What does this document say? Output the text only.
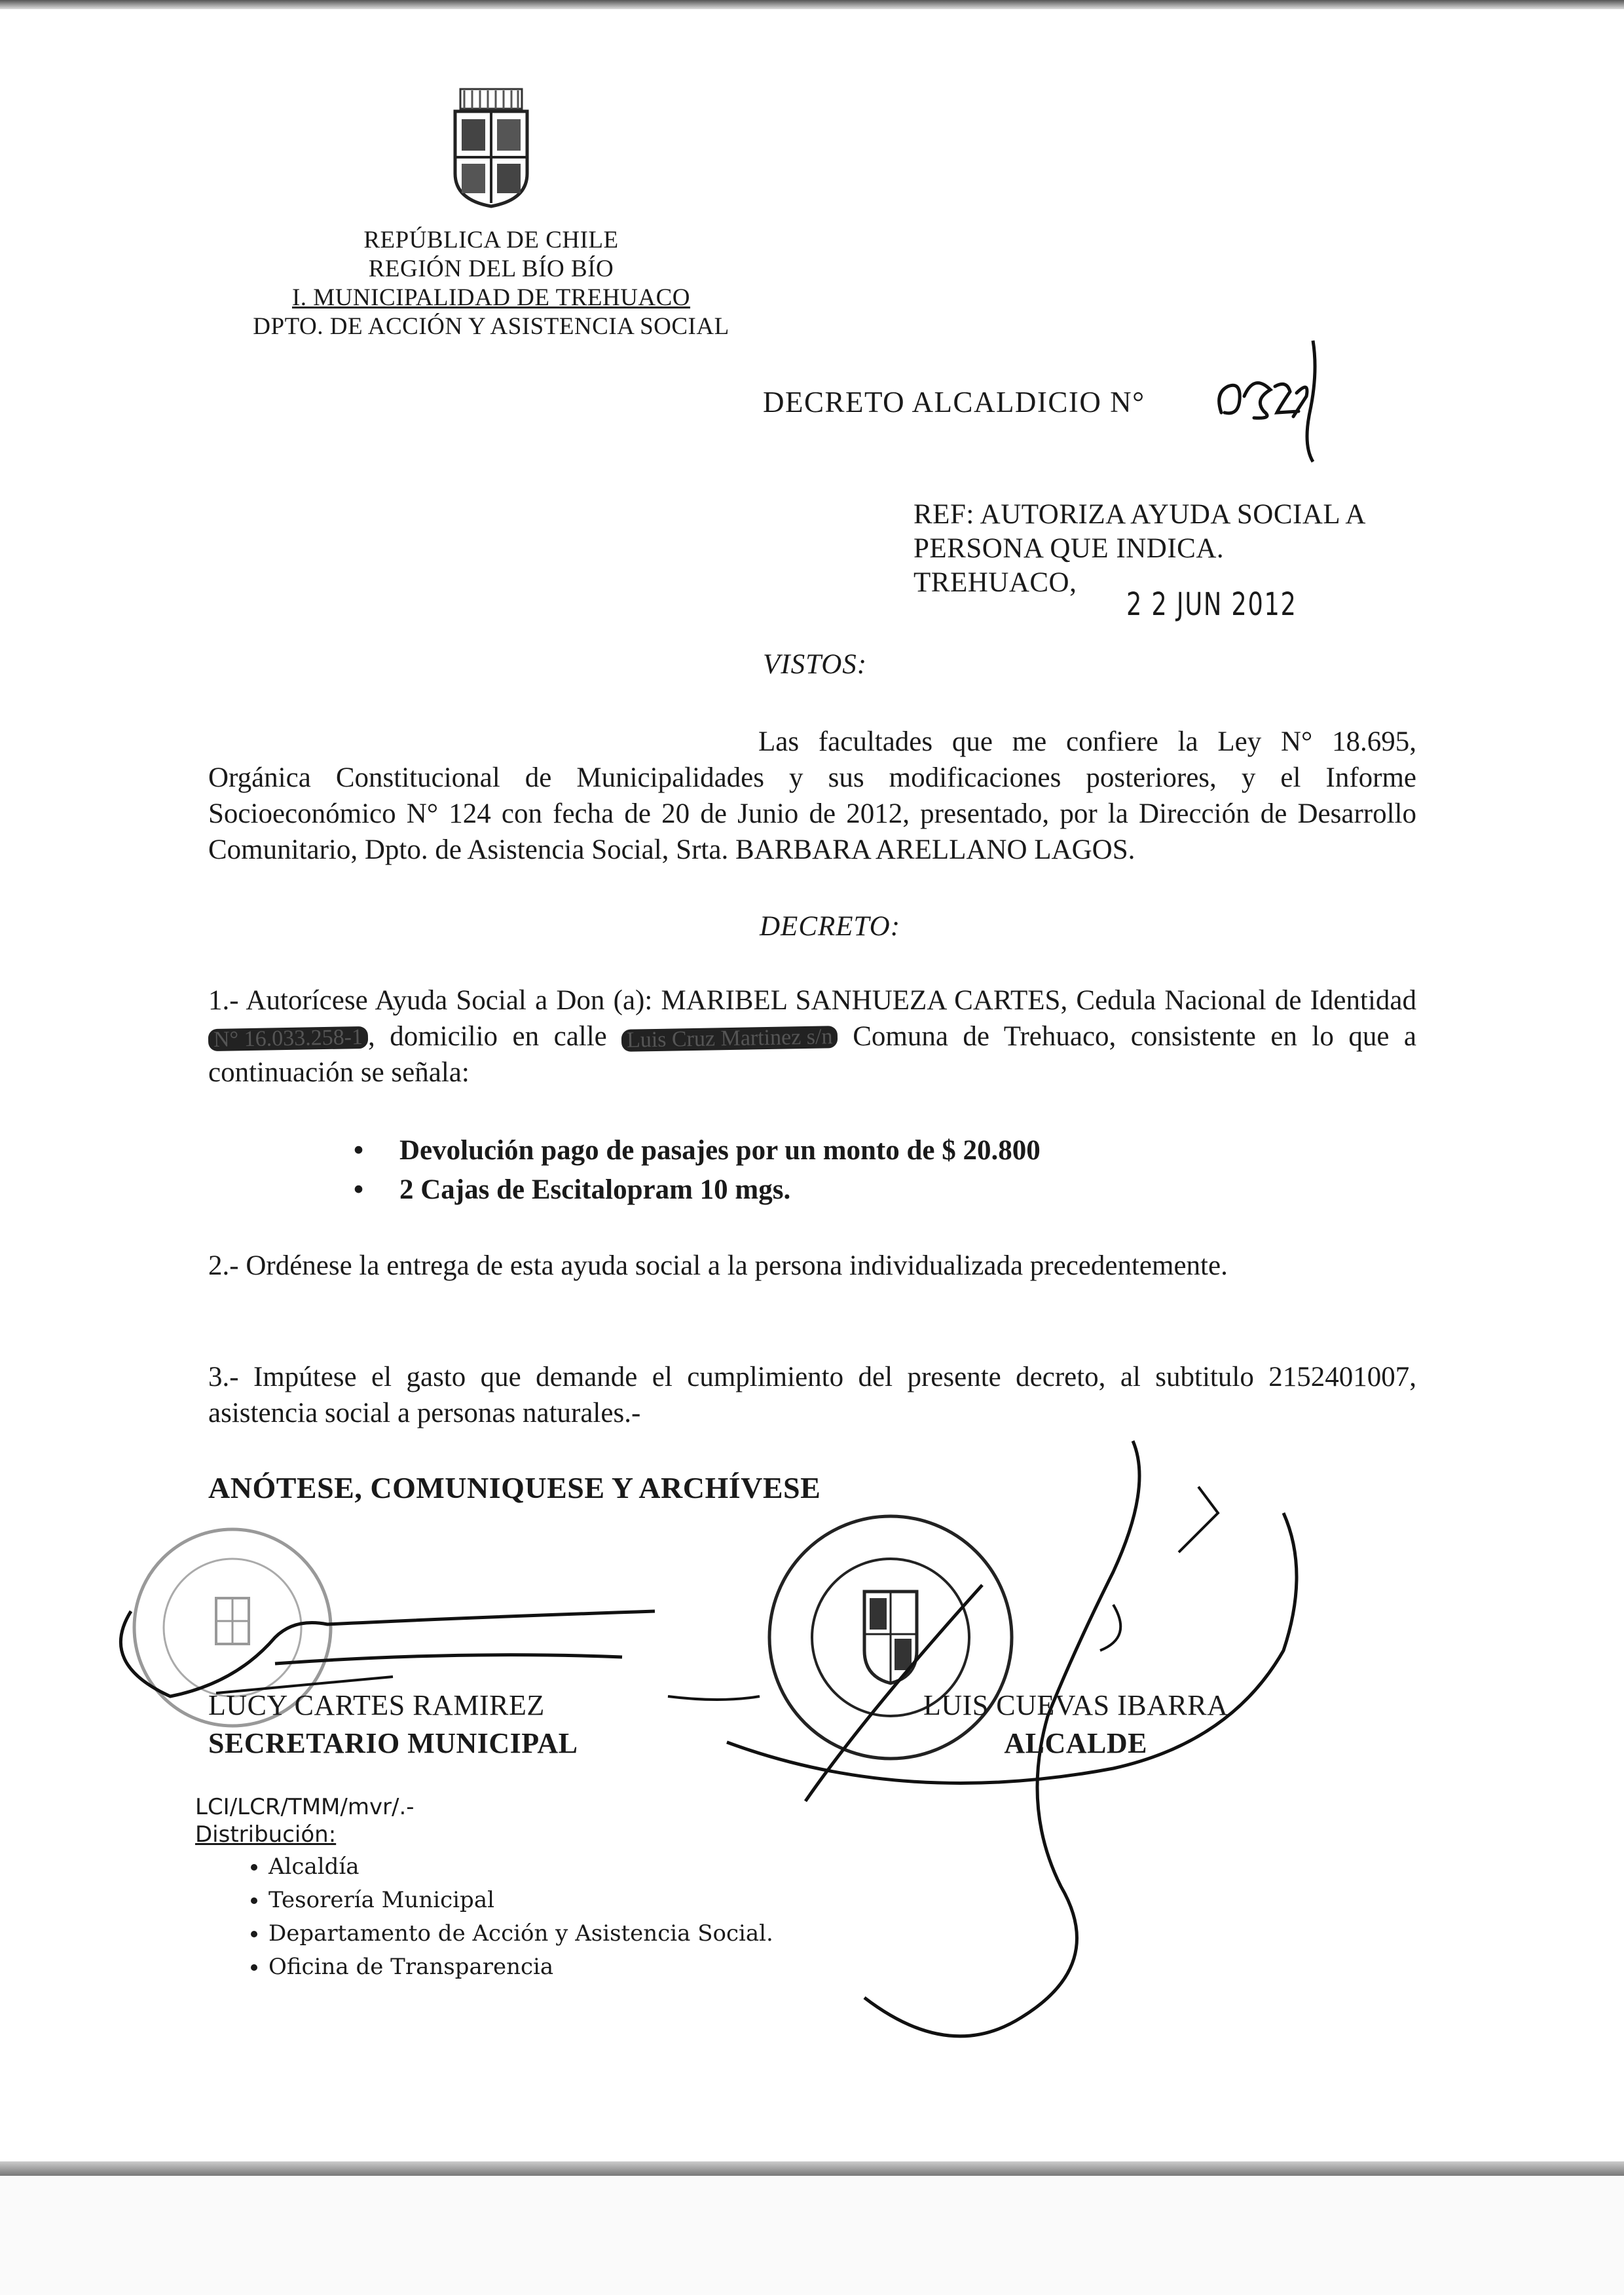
REPÚBLICA DE CHILE
REGIÓN DEL BÍO BÍO
I. MUNICIPALIDAD DE TREHUACO
DPTO. DE ACCIÓN Y ASISTENCIA SOCIAL
DECRETO ALCALDICIO N°
REF: AUTORIZA AYUDA SOCIAL A
PERSONA QUE INDICA.
TREHUACO,
2 2 JUN 2012
VISTOS:
Las facultades que me confiere la Ley N° 18.695, Orgánica Constitucional de Municipalidades y sus modificaciones posteriores, y el Informe Socioeconómico N° 124 con fecha de 20 de Junio de 2012, presentado, por la Dirección de Desarrollo Comunitario, Dpto. de Asistencia Social, Srta. BARBARA ARELLANO LAGOS.
DECRETO:
1.- Autorícese Ayuda Social a Don (a): MARIBEL SANHUEZA CARTES, Cedula Nacional de Identidad N° 16.033.258-1 , domicilio en calle Luis Cruz Martinez s/n Comuna de Trehuaco, consistente en lo que a continuación se señala:
• Devolución pago de pasajes por un monto de $ 20.800
• 2 Cajas de Escitalopram 10 mgs.
2.- Ordénese la entrega de esta ayuda social a la persona individualizada precedentemente.
3.- Impútese el gasto que demande el cumplimiento del presente decreto, al subtitulo 2152401007, asistencia social a personas naturales.-
ANÓTESE, COMUNIQUESE Y ARCHÍVESE
LUCY CARTES RAMIREZ
SECRETARIO MUNICIPAL
LUIS CUEVAS IBARRA
ALCALDE
LCI/LCR/TMM/mvr/.-
Distribución:
• Alcaldía
• Tesorería Municipal
• Departamento de Acción y Asistencia Social.
• Oficina de Transparencia
